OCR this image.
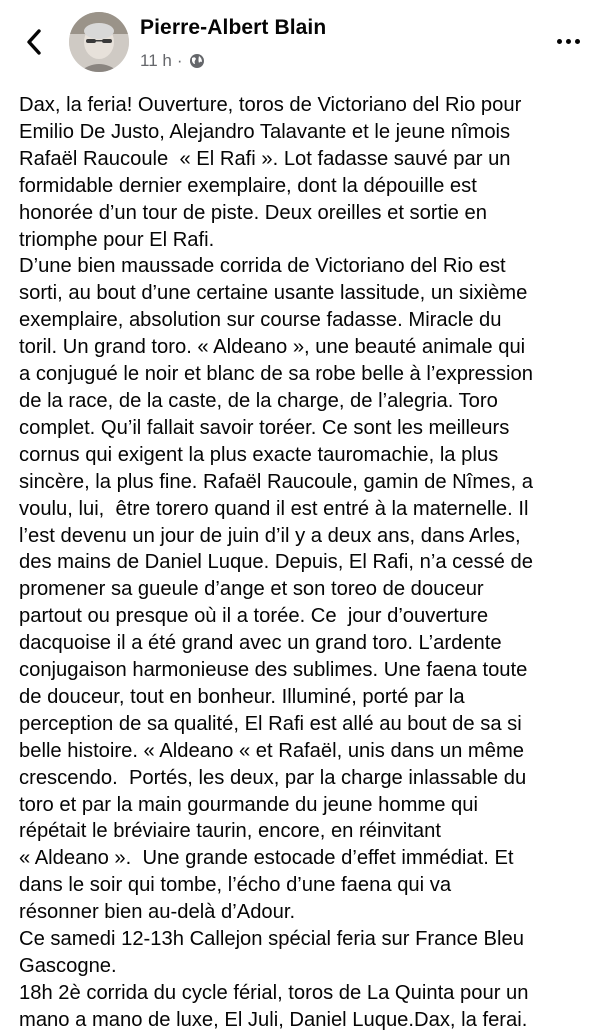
Pierre-Albert Blain
11 h ·
Dax, la feria! Ouverture, toros de Victoriano del Rio pour
Emilio De Justo, Alejandro Talavante et le jeune nîmois
Rafaël Raucoule  « El Rafi ». Lot fadasse sauvé par un
formidable dernier exemplaire, dont la dépouille est
honorée d’un tour de piste. Deux oreilles et sortie en
triomphe pour El Rafi.
D’une bien maussade corrida de Victoriano del Rio est
sorti, au bout d’une certaine usante lassitude, un sixième
exemplaire, absolution sur course fadasse. Miracle du
toril. Un grand toro. « Aldeano », une beauté animale qui
a conjugué le noir et blanc de sa robe belle à l’expression
de la race, de la caste, de la charge, de l’alegria. Toro
complet. Qu’il fallait savoir toréer. Ce sont les meilleurs
cornus qui exigent la plus exacte tauromachie, la plus
sincère, la plus fine. Rafaël Raucoule, gamin de Nîmes, a
voulu, lui,  être torero quand il est entré à la maternelle. Il
l’est devenu un jour de juin d’il y a deux ans, dans Arles,
des mains de Daniel Luque. Depuis, El Rafi, n’a cessé de
promener sa gueule d’ange et son toreo de douceur
partout ou presque où il a torée. Ce  jour d’ouverture
dacquoise il a été grand avec un grand toro. L’ardente
conjugaison harmonieuse des sublimes. Une faena toute
de douceur, tout en bonheur. Illuminé, porté par la
perception de sa qualité, El Rafi est allé au bout de sa si
belle histoire. « Aldeano « et Rafaël, unis dans un même
crescendo.  Portés, les deux, par la charge inlassable du
toro et par la main gourmande du jeune homme qui
répétait le bréviaire taurin, encore, en réinvitant
« Aldeano ».  Une grande estocade d’effet immédiat. Et
dans le soir qui tombe, l’écho d’une faena qui va
résonner bien au-delà d’Adour.
Ce samedi 12-13h Callejon spécial feria sur France Bleu
Gascogne.
18h 2è corrida du cycle férial, toros de La Quinta pour un
mano a mano de luxe, El Juli, Daniel Luque.Dax, la ferai.
